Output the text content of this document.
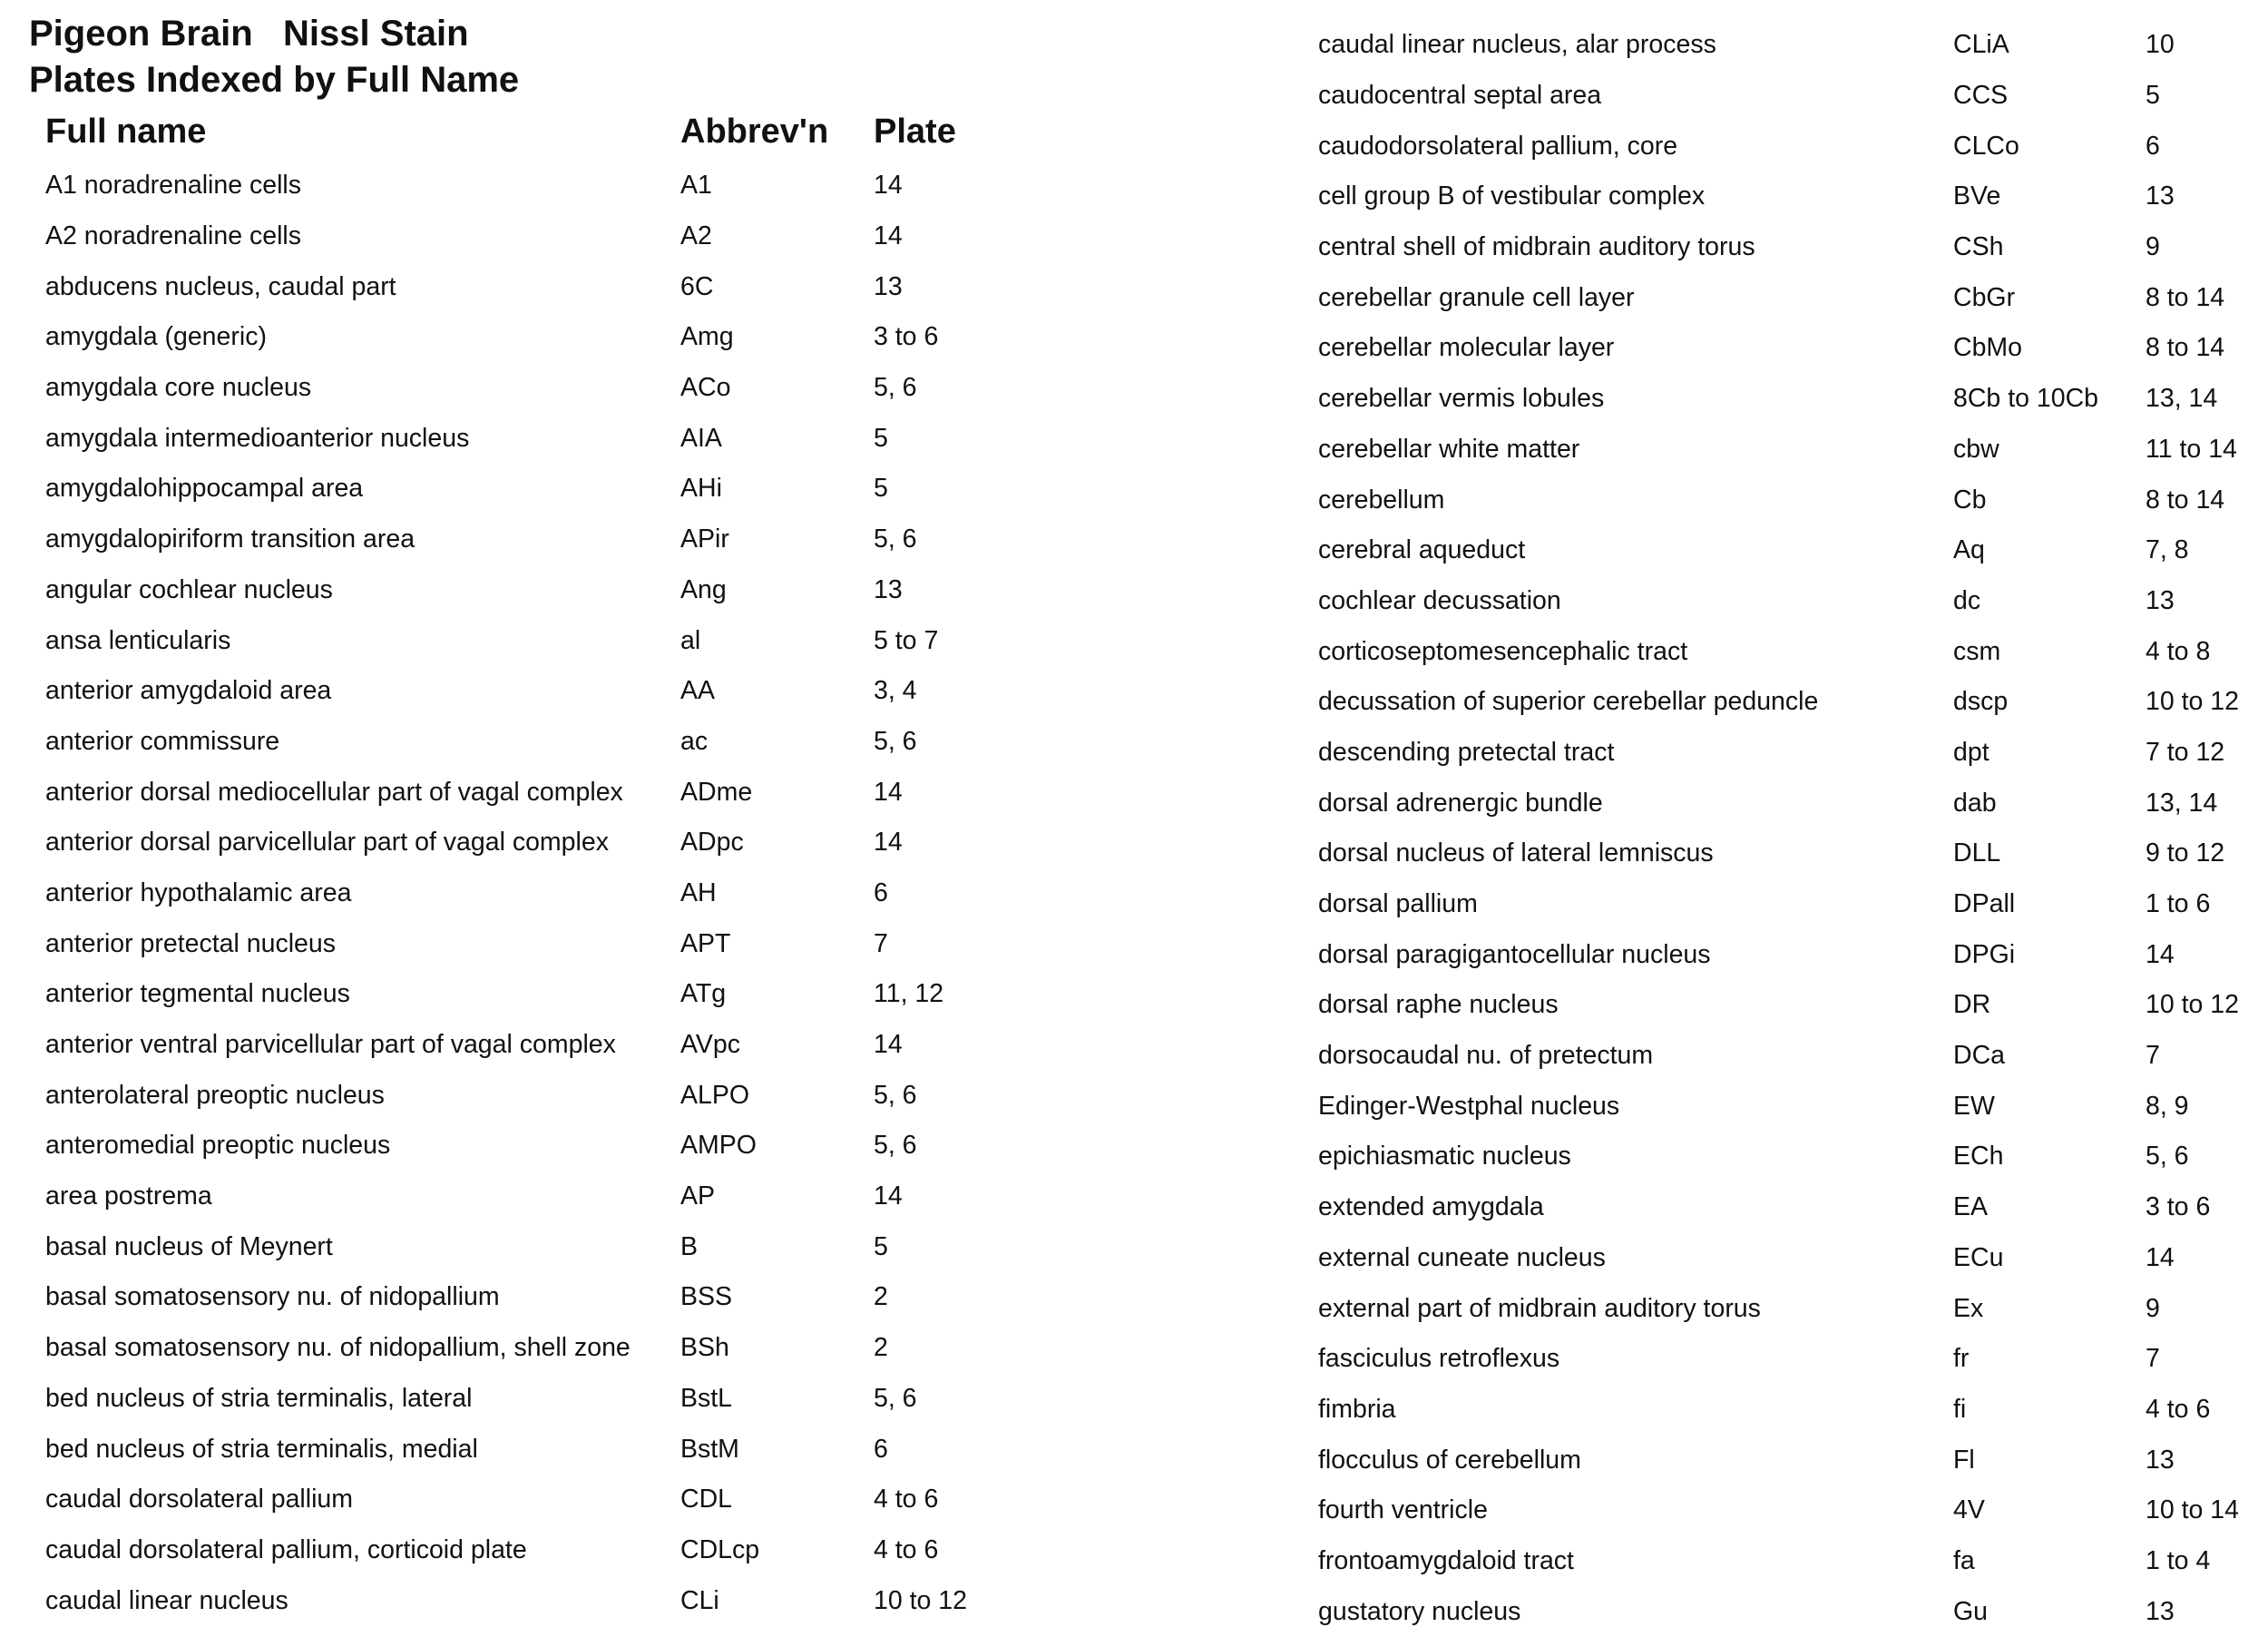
Pigeon Brain   Nissl Stain
Plates Indexed by Full Name
Full name	Abbrev'n	Plate
A1 noradrenaline cells	A1	14
A2 noradrenaline cells	A2	14
abducens nucleus, caudal part	6C	13
amygdala (generic)	Amg	3 to 6
amygdala core nucleus	ACo	5, 6
amygdala intermedioanterior nucleus	AIA	5
amygdalohippocampal area	AHi	5
amygdalopiriform transition area	APir	5, 6
angular cochlear nucleus	Ang	13
ansa lenticularis	al	5 to 7
anterior amygdaloid area	AA	3, 4
anterior commissure	ac	5, 6
anterior dorsal mediocellular part of vagal complex	ADme	14
anterior dorsal parvicellular part of vagal complex	ADpc	14
anterior hypothalamic area	AH	6
anterior pretectal nucleus	APT	7
anterior tegmental nucleus	ATg	11, 12
anterior ventral parvicellular part of vagal complex	AVpc	14
anterolateral preoptic nucleus	ALPO	5, 6
anteromedial preoptic nucleus	AMPO	5, 6
area postrema	AP	14
basal nucleus of Meynert	B	5
basal somatosensory nu. of nidopallium	BSS	2
basal somatosensory nu. of nidopallium, shell zone	BSh	2
bed nucleus of stria terminalis, lateral	BstL	5, 6
bed nucleus of stria terminalis, medial	BstM	6
caudal dorsolateral pallium	CDL	4 to 6
caudal dorsolateral pallium, corticoid plate	CDLcp	4 to 6
caudal linear nucleus	CLi	10 to 12
caudal linear nucleus, alar process	CLiA	10
caudocentral septal area	CCS	5
caudodorsolateral pallium, core	CLCo	6
cell group B of vestibular complex	BVe	13
central shell of midbrain auditory torus	CSh	9
cerebellar granule cell layer	CbGr	8 to 14
cerebellar molecular layer	CbMo	8 to 14
cerebellar vermis lobules	8Cb to 10Cb	13, 14
cerebellar white matter	cbw	11 to 14
cerebellum	Cb	8 to 14
cerebral aqueduct	Aq	7, 8
cochlear decussation	dc	13
corticoseptomesencephalic tract	csm	4 to 8
decussation of superior cerebellar peduncle	dscp	10 to 12
descending pretectal tract	dpt	7 to 12
dorsal adrenergic bundle	dab	13, 14
dorsal nucleus of lateral lemniscus	DLL	9 to 12
dorsal pallium	DPall	1 to 6
dorsal paragigantocellular nucleus	DPGi	14
dorsal raphe nucleus	DR	10 to 12
dorsocaudal nu. of pretectum	DCa	7
Edinger-Westphal nucleus	EW	8, 9
epichiasmatic nucleus	ECh	5, 6
extended amygdala	EA	3 to 6
external cuneate nucleus	ECu	14
external part of midbrain auditory torus	Ex	9
fasciculus retroflexus	fr	7
fimbria	fi	4 to 6
flocculus of cerebellum	Fl	13
fourth ventricle	4V	10 to 14
frontoamygdaloid tract	fa	1 to 4
gustatory nucleus	Gu	13
